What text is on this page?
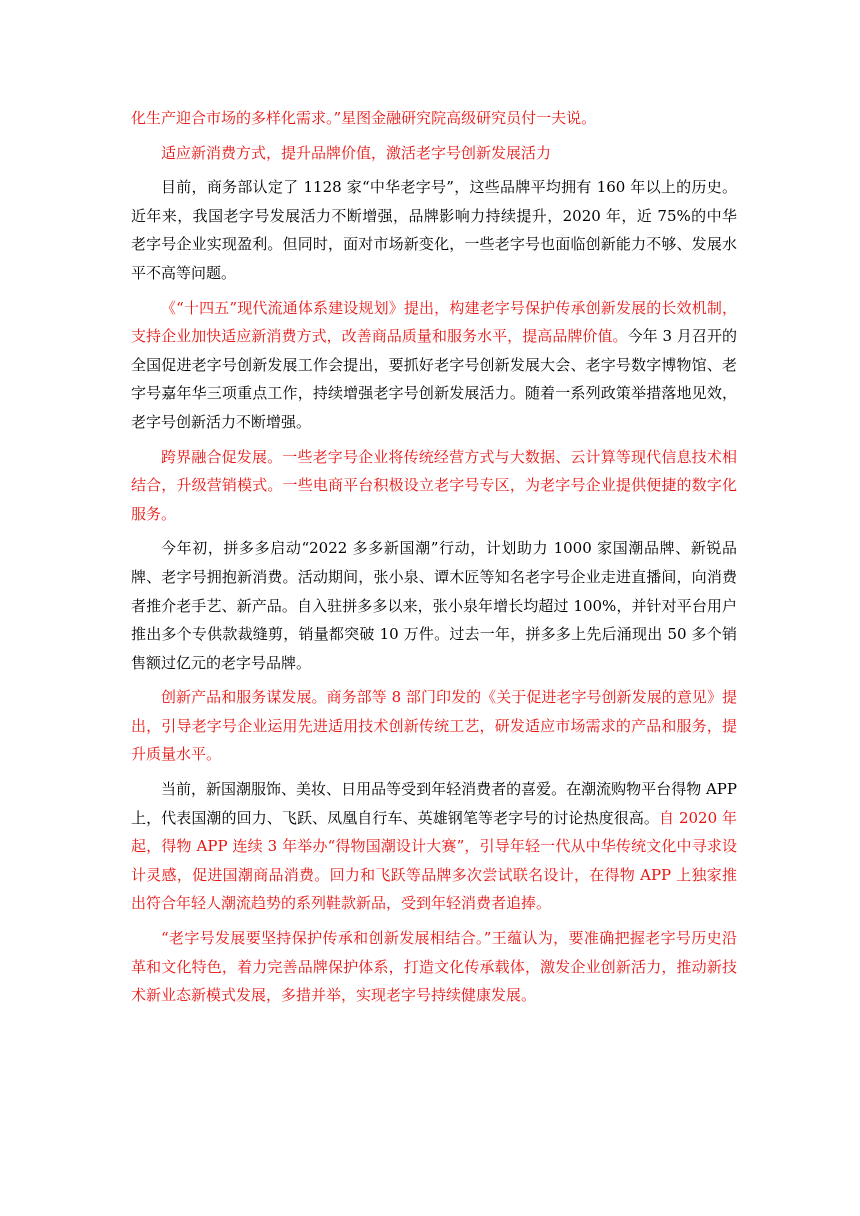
化生产迎合市场的多样化需求。”星图金融研究院高级研究员付一夫说。

适应新消费方式，提升品牌价值，激活老字号创新发展活力

目前，商务部认定了 1128 家“中华老字号”，这些品牌平均拥有 160 年以上的历史。近年来，我国老字号发展活力不断增强，品牌影响力持续提升，2020 年，近 75%的中华老字号企业实现盈利。但同时，面对市场新变化，一些老字号也面临创新能力不够、发展水平不高等问题。

《“十四五”现代流通体系建设规划》提出，构建老字号保护传承创新发展的长效机制，支持企业加快适应新消费方式，改善商品质量和服务水平，提高品牌价值。今年 3 月召开的全国促进老字号创新发展工作会提出，要抓好老字号创新发展大会、老字号数字博物馆、老字号嘉年华三项重点工作，持续增强老字号创新发展活力。随着一系列政策举措落地见效，老字号创新活力不断增强。

跨界融合促发展。一些老字号企业将传统经营方式与大数据、云计算等现代信息技术相结合，升级营销模式。一些电商平台积极设立老字号专区，为老字号企业提供便捷的数字化服务。

今年初，拼多多启动“2022 多多新国潮”行动，计划助力 1000 家国潮品牌、新锐品牌、老字号拥抱新消费。活动期间，张小泉、谭木匠等知名老字号企业走进直播间，向消费者推介老手艺、新产品。自入驻拼多多以来，张小泉年增长均超过 100%，并针对平台用户推出多个专供款裁缝剪，销量都突破 10 万件。过去一年，拼多多上先后涌现出 50 多个销售额过亿元的老字号品牌。

创新产品和服务谋发展。商务部等 8 部门印发的《关于促进老字号创新发展的意见》提出，引导老字号企业运用先进适用技术创新传统工艺，研发适应市场需求的产品和服务，提升质量水平。

当前，新国潮服饰、美妆、日用品等受到年轻消费者的喜爱。在潮流购物平台得物 APP 上，代表国潮的回力、飞跃、凤凰自行车、英雄钢笔等老字号的讨论热度很高。自 2020 年起，得物 APP 连续 3 年举办“得物国潮设计大赛”，引导年轻一代从中华传统文化中寻求设计灵感，促进国潮商品消费。回力和飞跃等品牌多次尝试联名设计，在得物 APP 上独家推出符合年轻人潮流趋势的系列鞋款新品，受到年轻消费者追捧。

“老字号发展要坚持保护传承和创新发展相结合。”王蕴认为，要准确把握老字号历史沿革和文化特色，着力完善品牌保护体系，打造文化传承载体，激发企业创新活力，推动新技术新业态新模式发展，多措并举，实现老字号持续健康发展。
